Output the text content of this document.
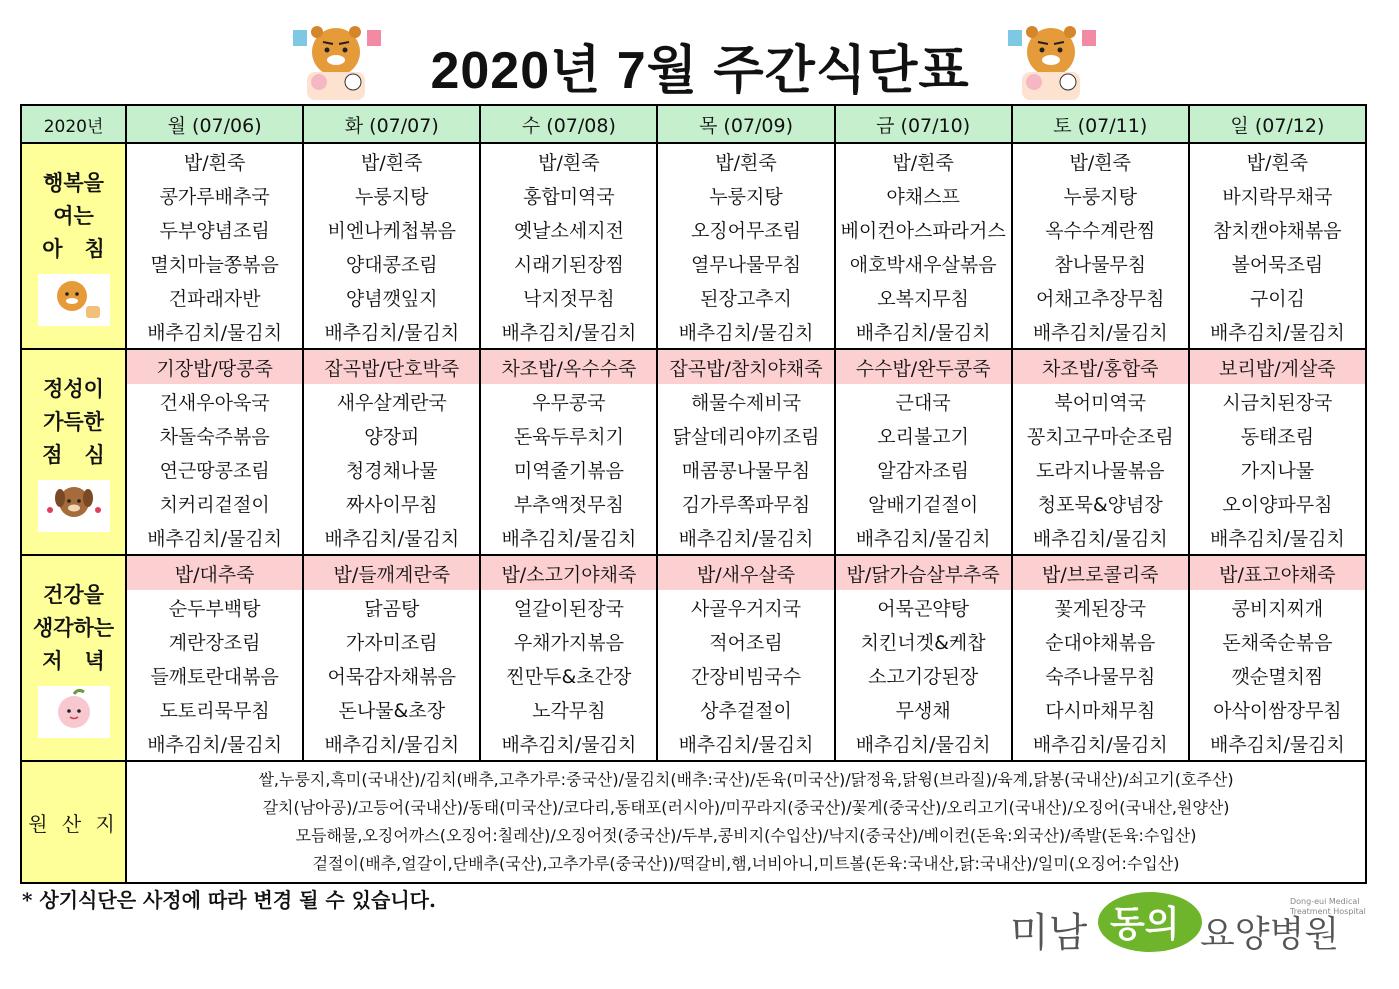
2020년 7월 주간식단표
2020년	월 (07/06)	화 (07/07)	수 (07/08)	목 (07/09)	금 (07/10)	토 (07/11)	일 (07/12)

행복을
여는
아   침	밥/흰죽	밥/흰죽	밥/흰죽	밥/흰죽	밥/흰죽	밥/흰죽	밥/흰죽
	콩가루배추국	누룽지탕	홍합미역국	누룽지탕	야채스프	누룽지탕	바지락무채국
	두부양념조림	비엔나케첩볶음	옛날소세지전	오징어무조림	베이컨아스파라거스	옥수수계란찜	참치캔야채볶음
	멸치마늘쫑볶음	양대콩조림	시래기된장찜	열무나물무침	애호박새우살볶음	참나물무침	볼어묵조림
	건파래자반	양념깻잎지	낙지젓무침	된장고추지	오복지무침	어채고추장무침	구이김
	배추김치/물김치	배추김치/물김치	배추김치/물김치	배추김치/물김치	배추김치/물김치	배추김치/물김치	배추김치/물김치

정성이
가득한
점   심	기장밥/땅콩죽	잡곡밥/단호박죽	차조밥/옥수수죽	잡곡밥/참치야채죽	수수밥/완두콩죽	차조밥/홍합죽	보리밥/게살죽
	건새우아욱국	새우살계란국	우무콩국	해물수제비국	근대국	북어미역국	시금치된장국
	차돌숙주볶음	양장피	돈육두루치기	닭살데리야끼조림	오리불고기	꽁치고구마순조림	동태조림
	연근땅콩조림	청경채나물	미역줄기볶음	매콤콩나물무침	알감자조림	도라지나물볶음	가지나물
	치커리겉절이	짜사이무침	부추액젓무침	김가루쪽파무침	알배기겉절이	청포묵&양념장	오이양파무침
	배추김치/물김치	배추김치/물김치	배추김치/물김치	배추김치/물김치	배추김치/물김치	배추김치/물김치	배추김치/물김치

건강을
생각하는
저   녁	밥/대추죽	밥/들깨계란죽	밥/소고기야채죽	밥/새우살죽	밥/닭가슴살부추죽	밥/브로콜리죽	밥/표고야채죽
	순두부백탕	닭곰탕	얼갈이된장국	사골우거지국	어묵곤약탕	꽃게된장국	콩비지찌개
	계란장조림	가자미조림	우채가지볶음	적어조림	치킨너겟&케찹	순대야채볶음	돈채죽순볶음
	들깨토란대볶음	어묵감자채볶음	찐만두&초간장	간장비빔국수	소고기강된장	숙주나물무침	깻순멸치찜
	도토리묵무침	돈나물&초장	노각무침	상추겉절이	무생채	다시마채무침	아삭이쌈장무침
	배추김치/물김치	배추김치/물김치	배추김치/물김치	배추김치/물김치	배추김치/물김치	배추김치/물김치	배추김치/물김치
원 산 지	쌀,누룽지,흑미(국내산)/김치(배추,고추가루:중국산)/물김치(배추:국산)/돈육(미국산)/닭정육,닭윙(브라질)/육계,닭봉(국내산)/쇠고기(호주산)
갈치(남아공)/고등어(국내산)/동태(미국산)/코다리,동태포(러시아)/미꾸라지(중국산)/꽃게(중국산)/오리고기(국내산)/오징어(국내산,원양산)
모듬해물,오징어까스(오징어:칠레산)/오징어젓(중국산)/두부,콩비지(수입산)/낙지(중국산)/베이컨(돈육:외국산)/족발(돈육:수입산)
겉절이(배추,얼갈이,단배추(국산),고추가루(중국산))/떡갈비,햄,너비아니,미트볼(돈육:국내산,닭:국내산)/일미(오징어:수입산)						
* 상기식단은 사정에 따라 변경 될 수 있습니다.
미남 동의 요양병원
Dong-eui Medical
Treatment Hospital
